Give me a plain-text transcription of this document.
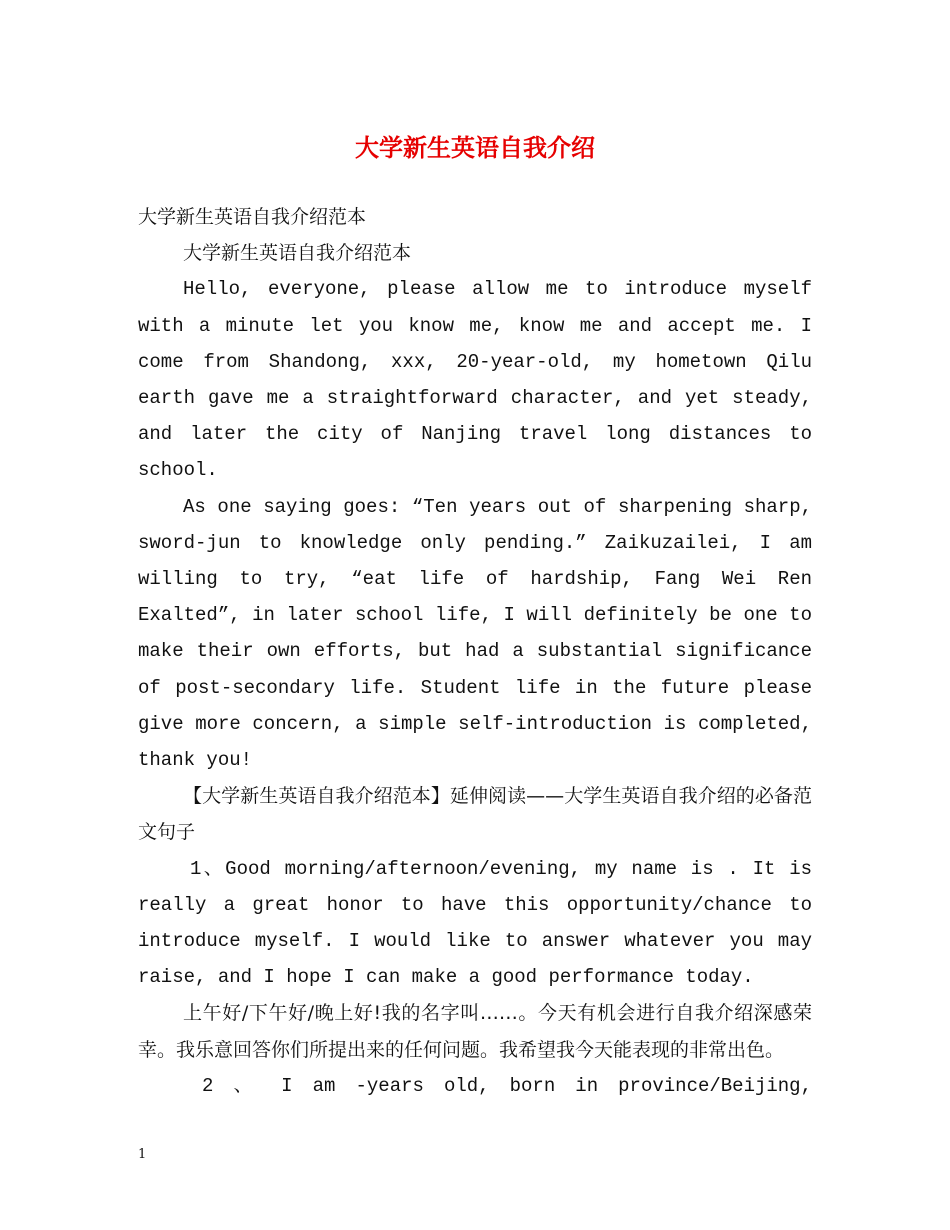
大学新生英语自我介绍

大学新生英语自我介绍范本

大学新生英语自我介绍范本

Hello, everyone, please allow me to introduce myself with a minute let you know me, know me and accept me. I come from Shandong, xxx, 20-year-old, my hometown Qilu earth gave me a straightforward character, and yet steady, and later the city of Nanjing travel long distances to school.

As one saying goes: “Ten years out of sharpening sharp, sword-jun to knowledge only pending.” Zaikuzailei, I am willing to try, “eat life of hardship, Fang Wei Ren Exalted”, in later school life, I will definitely be one to make their own efforts, but had a substantial significance of post-secondary life. Student life in the future please give more concern, a simple self-introduction is completed, thank you!

【大学新生英语自我介绍范本】延伸阅读——大学生英语自我介绍的必备范文句子

1、Good morning/afternoon/evening, my name is . It is really a great honor to have this opportunity/chance to introduce myself. I would like to answer whatever you may raise, and I hope I can make a good performance today.

上午好/下午好/晚上好!我的名字叫……。今天有机会进行自我介绍深感荣幸。我乐意回答你们所提出来的任何问题。我希望我今天能表现的非常出色。

2 、 I am -years old, born in province/Beijing,

1
